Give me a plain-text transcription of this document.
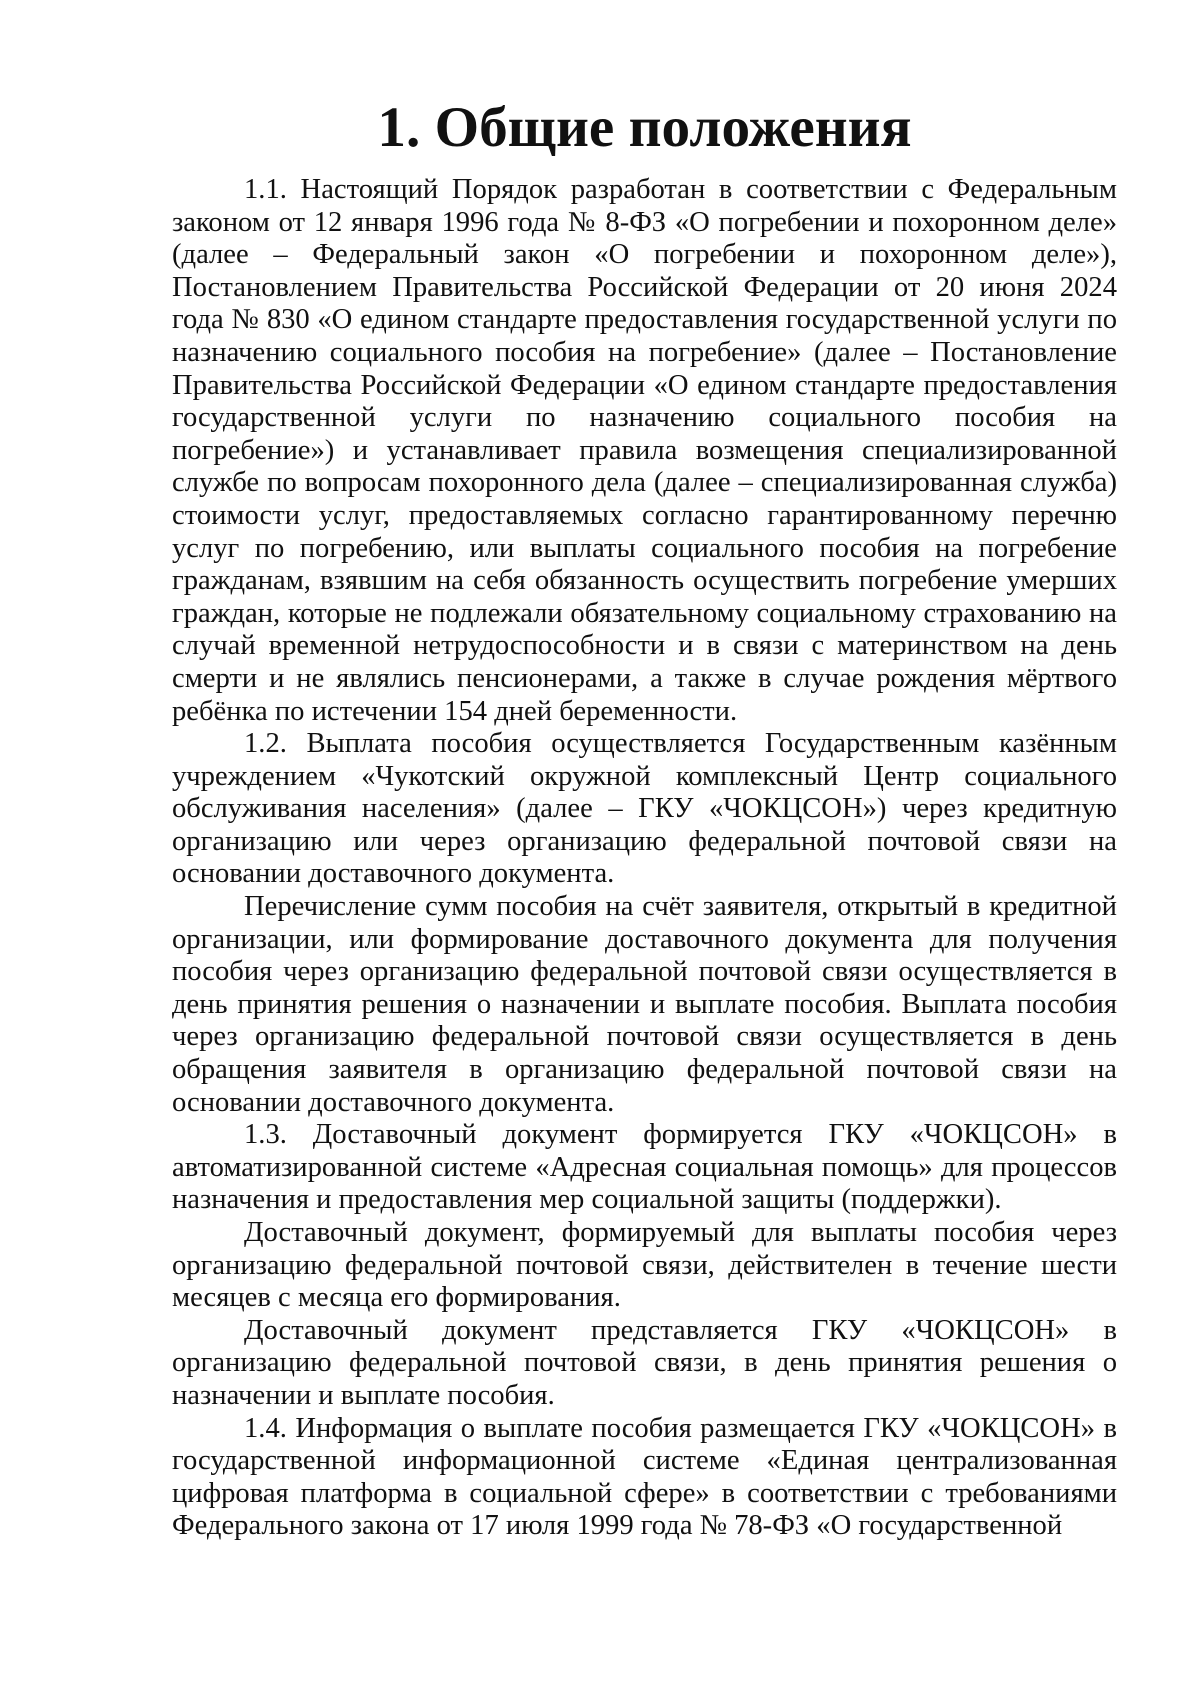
1. Общие положения

1.1. Настоящий Порядок разработан в соответствии с Федеральным законом от 12 января 1996 года № 8-ФЗ «О погребении и похоронном деле» (далее – Федеральный закон «О погребении и похоронном деле»), Постановлением Правительства Российской Федерации от 20 июня 2024 года № 830 «О едином стандарте предоставления государственной услуги по назначению социального пособия на погребение» (далее – Постановление Правительства Российской Федерации «О едином стандарте предоставления государственной услуги по назначению социального пособия на погребение») и устанавливает правила возмещения специализированной службе по вопросам похоронного дела (далее – специализированная служба) стоимости услуг, предоставляемых согласно гарантированному перечню услуг по погребению, или выплаты социального пособия на погребение гражданам, взявшим на себя обязанность осуществить погребение умерших граждан, которые не подлежали обязательному социальному страхованию на случай временной нетрудоспособности и в связи с материнством на день смерти и не являлись пенсионерами, а также в случае рождения мёртвого ребёнка по истечении 154 дней беременности.

1.2. Выплата пособия осуществляется Государственным казённым учреждением «Чукотский окружной комплексный Центр социального обслуживания населения» (далее – ГКУ «ЧОКЦСОН») через кредитную организацию или через организацию федеральной почтовой связи на основании доставочного документа.

Перечисление сумм пособия на счёт заявителя, открытый в кредитной организации, или формирование доставочного документа для получения пособия через организацию федеральной почтовой связи осуществляется в день принятия решения о назначении и выплате пособия. Выплата пособия через организацию федеральной почтовой связи осуществляется в день обращения заявителя в организацию федеральной почтовой связи на основании доставочного документа.

1.3. Доставочный документ формируется ГКУ «ЧОКЦСОН» в автоматизированной системе «Адресная социальная помощь» для процессов назначения и предоставления мер социальной защиты (поддержки).

Доставочный документ, формируемый для выплаты пособия через организацию федеральной почтовой связи, действителен в течение шести месяцев с месяца его формирования.

Доставочный документ представляется ГКУ «ЧОКЦСОН» в организацию федеральной почтовой связи, в день принятия решения о назначении и выплате пособия.

1.4. Информация о выплате пособия размещается ГКУ «ЧОКЦСОН» в государственной информационной системе «Единая централизованная цифровая платформа в социальной сфере» в соответствии с требованиями Федерального закона от 17 июля 1999 года № 78-ФЗ «О государственной
